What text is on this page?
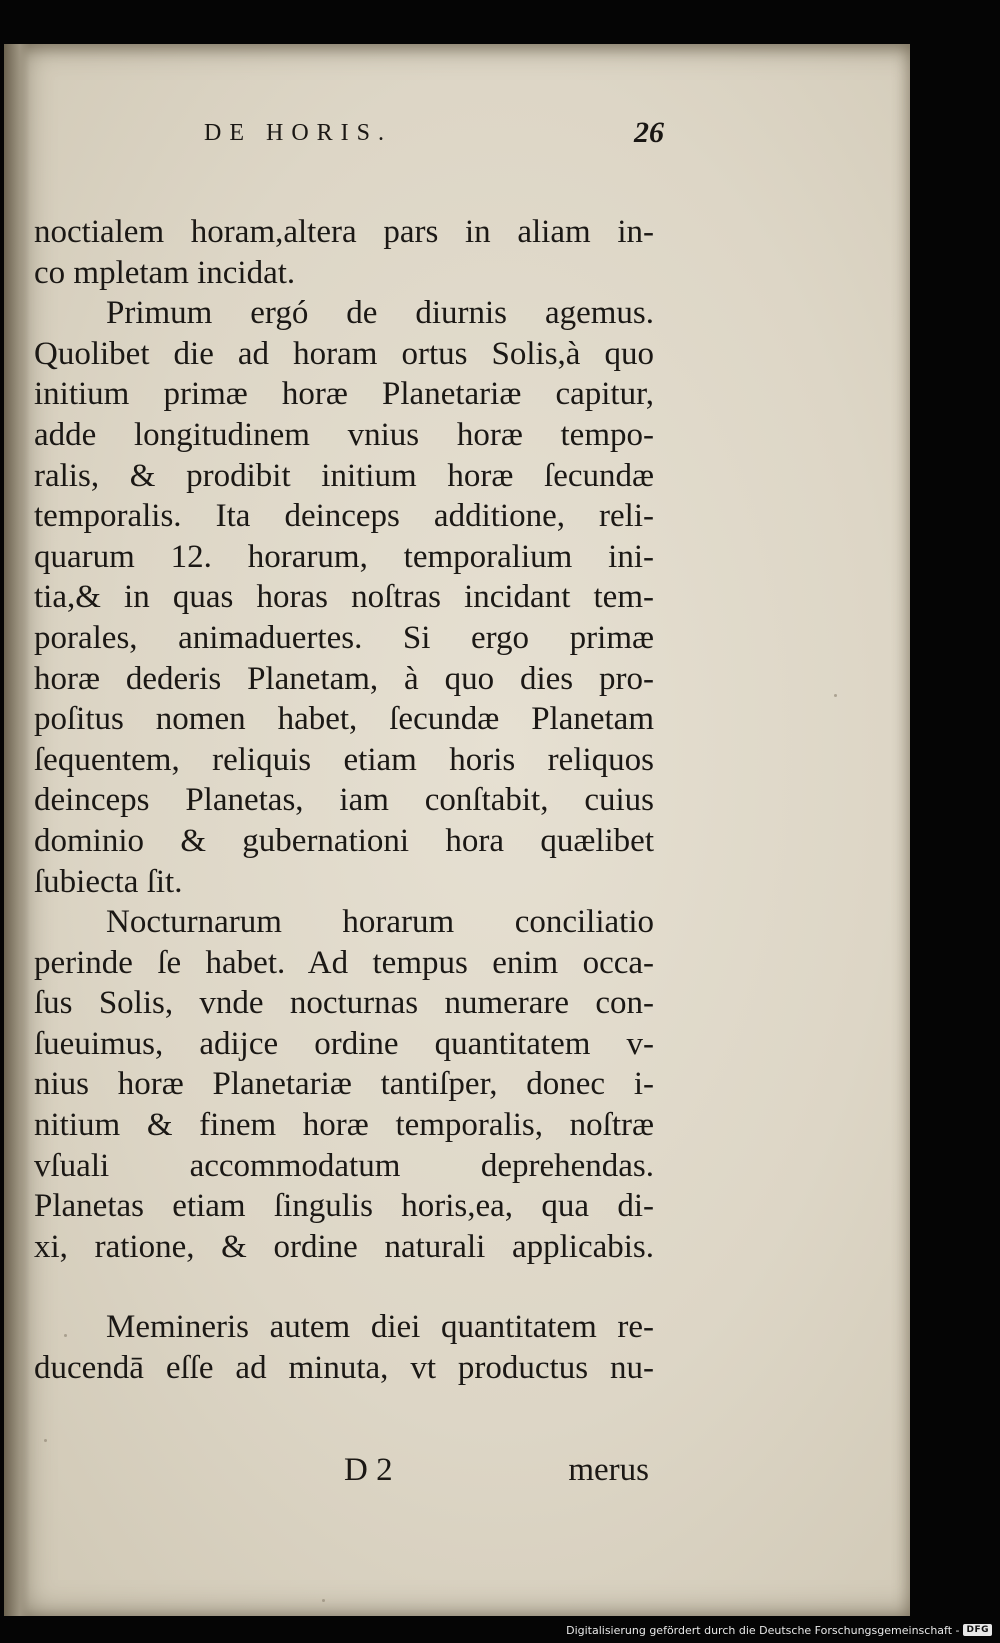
DE HORIS.	26
noctialem horam,altera pars in aliam in-
co mpletam incidat.
Primum ergó de diurnis agemus.
Quolibet die ad horam ortus Solis,à quo
initium primæ horæ Planetariæ capitur,
adde longitudinem vnius horæ tempo-
ralis, & prodibit initium horæ ſecundæ
temporalis. Ita deinceps additione, reli-
quarum 12. horarum, temporalium ini-
tia,& in quas horas noſtras incidant tem-
porales, animaduertes. Si ergo primæ
horæ dederis Planetam, à quo dies pro-
poſitus nomen habet, ſecundæ Planetam
ſequentem, reliquis etiam horis reliquos
deinceps Planetas, iam conſtabit, cuius
dominio & gubernationi hora quælibet
ſubiecta ſit.
Nocturnarum horarum conciliatio
perinde ſe habet. Ad tempus enim occa-
ſus Solis, vnde nocturnas numerare con-
ſueuimus, adijce ordine quantitatem v-
nius horæ Planetariæ tantiſper, donec i-
nitium & finem horæ temporalis, noſtræ
vſuali accommodatum deprehendas.
Planetas etiam ſingulis horis,ea, qua di-
xi, ratione, & ordine naturali applicabis.
Memineris autem diei quantitatem re-
ducendā eſſe ad minuta, vt productus nu-
D 2	merus
Digitalisierung gefördert durch die Deutsche Forschungsgemeinschaft - DFG
